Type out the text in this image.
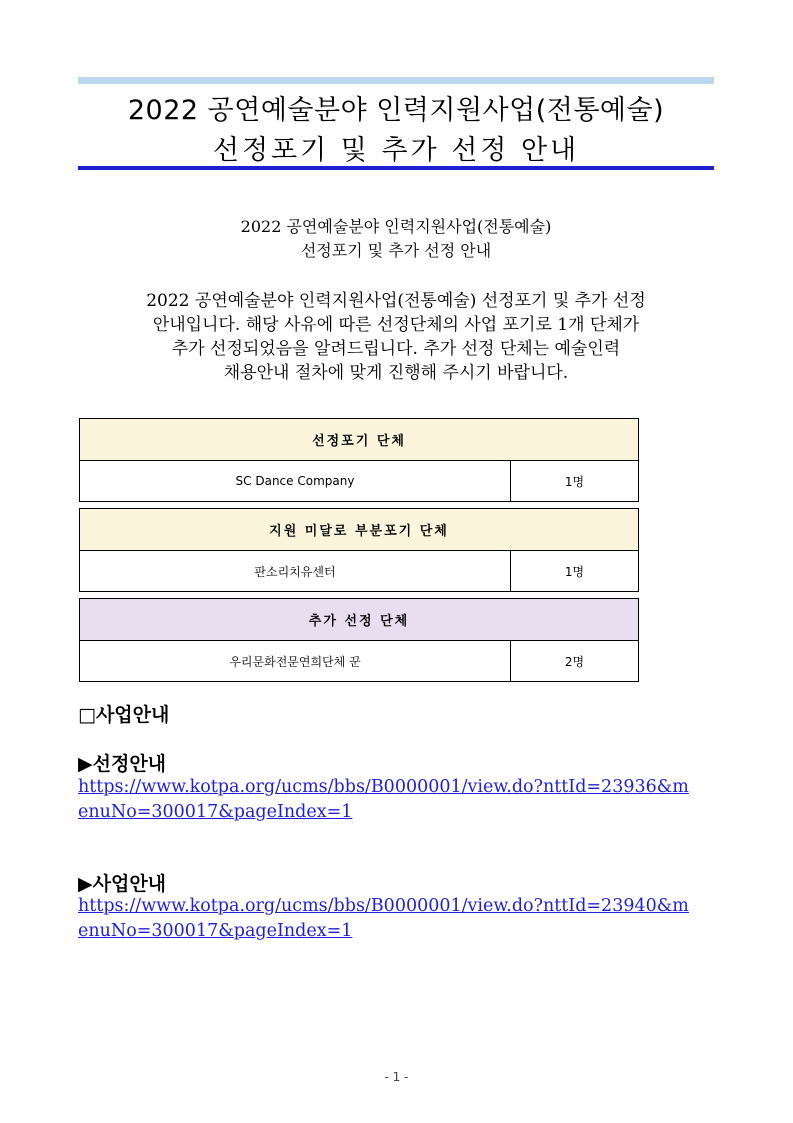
2022 공연예술분야 인력지원사업(전통예술)
선정포기 및 추가 선정 안내
2022 공연예술분야 인력지원사업(전통예술)
선정포기 및 추가 선정 안내
2022 공연예술분야 인력지원사업(전통예술) 선정포기 및 추가 선정
안내입니다. 해당 사유에 따른 선정단체의 사업 포기로 1개 단체가
추가 선정되었음을 알려드립니다. 추가 선정 단체는 예술인력
채용안내 절차에 맞게 진행해 주시기 바랍니다.
선정포기 단체
SC Dance Company	1명
지원 미달로 부분포기 단체
판소리치유센터	1명
추가 선정 단체
우리문화전문연희단체 꾼	2명
□사업안내
▶선정안내
https://www.kotpa.org/ucms/bbs/B0000001/view.do?nttId=23936&m
enuNo=300017&pageIndex=1
▶사업안내
https://www.kotpa.org/ucms/bbs/B0000001/view.do?nttId=23940&m
enuNo=300017&pageIndex=1
- 1 -
